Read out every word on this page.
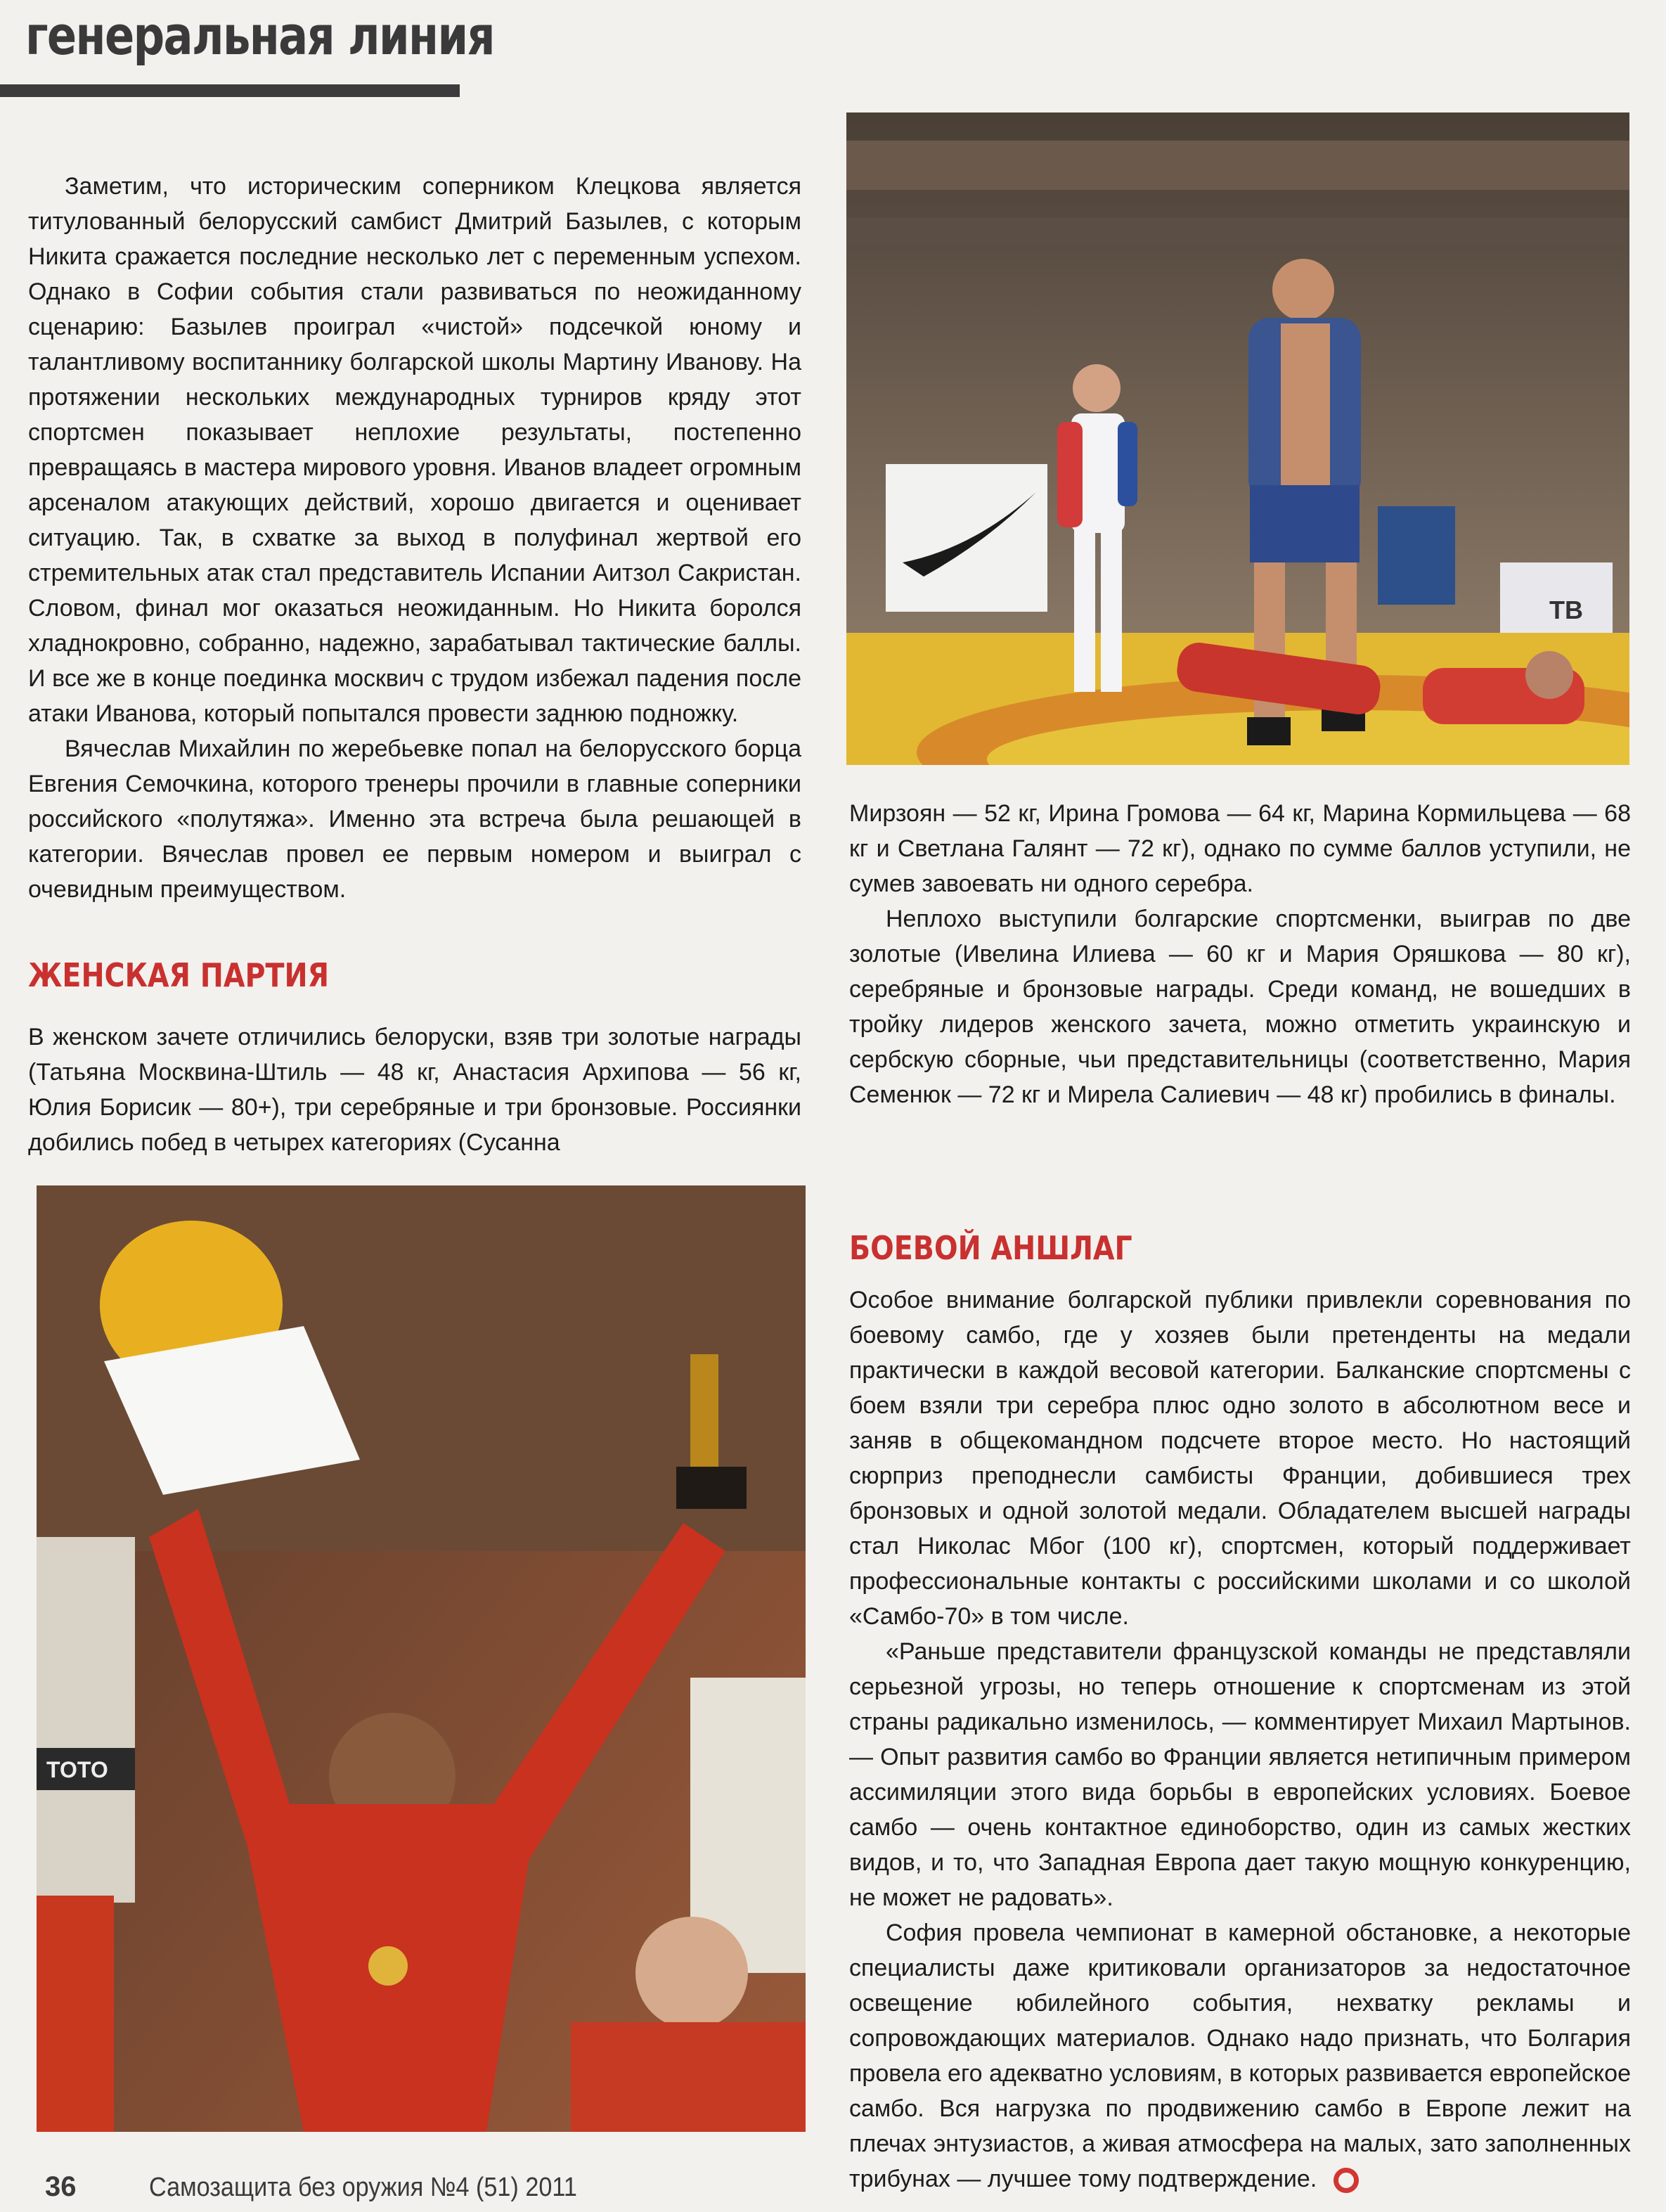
генеральная линия

Заметим, что историческим соперником Клецкова является титулованный белорусский самбист Дмитрий Базылев, с которым Никита сражается последние несколько лет с переменным успехом. Однако в Софии события стали развиваться по неожиданному сценарию: Базылев проиграл «чистой» подсечкой юному и талантливому воспитаннику болгарской школы Мартину Иванову. На протяжении нескольких международных турниров кряду этот спортсмен показывает неплохие результаты, постепенно превращаясь в мастера мирового уровня. Иванов владеет огромным арсеналом атакующих действий, хорошо двигается и оценивает ситуацию. Так, в схватке за выход в полуфинал жертвой его стремительных атак стал представитель Испании Аитзол Сакристан. Словом, финал мог оказаться неожиданным. Но Никита боролся хладнокровно, собранно, надежно, зарабатывал тактические баллы. И все же в конце поединка москвич с трудом избежал падения после атаки Иванова, который попытался провести заднюю подножку.

Вячеслав Михайлин по жеребьевке попал на белорусского борца Евгения Семочкина, которого тренеры прочили в главные соперники российского «полутяжа». Именно эта встреча была решающей в категории. Вячеслав провел ее первым номером и выиграл с очевидным преимуществом.

ЖЕНСКАЯ ПАРТИЯ

В женском зачете отличились белоруски, взяв три золотые награды (Татьяна Москвина-Штиль — 48 кг, Анастасия Архипова — 56 кг, Юлия Борисик — 80+), три серебряные и три бронзовые. Россиянки добились побед в четырех категориях (Сусанна

TB

Мирзоян — 52 кг, Ирина Громова — 64 кг, Марина Кормильцева — 68 кг и Светлана Галянт — 72 кг), однако по сумме баллов уступили, не сумев завоевать ни одного серебра.

Неплохо выступили болгарские спортсменки, выиграв по две золотые (Ивелина Илиева — 60 кг и Мария Оряшкова — 80 кг), серебряные и бронзовые награды. Среди команд, не вошедших в тройку лидеров женского зачета, можно отметить украинскую и сербскую сборные, чьи представительницы (соответственно, Мария Семенюк — 72 кг и Мирела Салиевич — 48 кг) пробились в финалы.

БОЕВОЙ АНШЛАГ

Особое внимание болгарской публики привлекли соревнования по боевому самбо, где у хозяев были претенденты на медали практически в каждой весовой категории. Балканские спортсмены с боем взяли три серебра плюс одно золото в абсолютном весе и заняв в общекомандном подсчете второе место. Но настоящий сюрприз преподнесли самбисты Франции, добившиеся трех бронзовых и одной золотой медали. Обладателем высшей награды стал Николас Мбог (100 кг), спортсмен, который поддерживает профессиональные контакты с российскими школами и со школой «Самбо-70» в том числе.

«Раньше представители французской команды не представляли серьезной угрозы, но теперь отношение к спортсменам из этой страны радикально изменилось, — комментирует Михаил Мартынов. — Опыт развития самбо во Франции является нетипичным примером ассимиляции этого вида борьбы в европейских условиях. Боевое самбо — очень контактное единоборство, один из самых жестких видов, и то, что Западная Европа дает такую мощную конкуренцию, не может не радовать».

София провела чемпионат в камерной обстановке, а некоторые специалисты даже критиковали организаторов за недостаточное освещение юбилейного события, нехватку рекламы и сопровождающих материалов. Однако надо признать, что Болгария провела его адекватно условиям, в которых развивается европейское самбо. Вся нагрузка по продвижению самбо в Европе лежит на плечах энтузиастов, а живая атмосфера на малых, зато заполненных трибунах — лучшее тому подтверждение.

TOTO
36	Самозащита без оружия №4 (51) 2011
